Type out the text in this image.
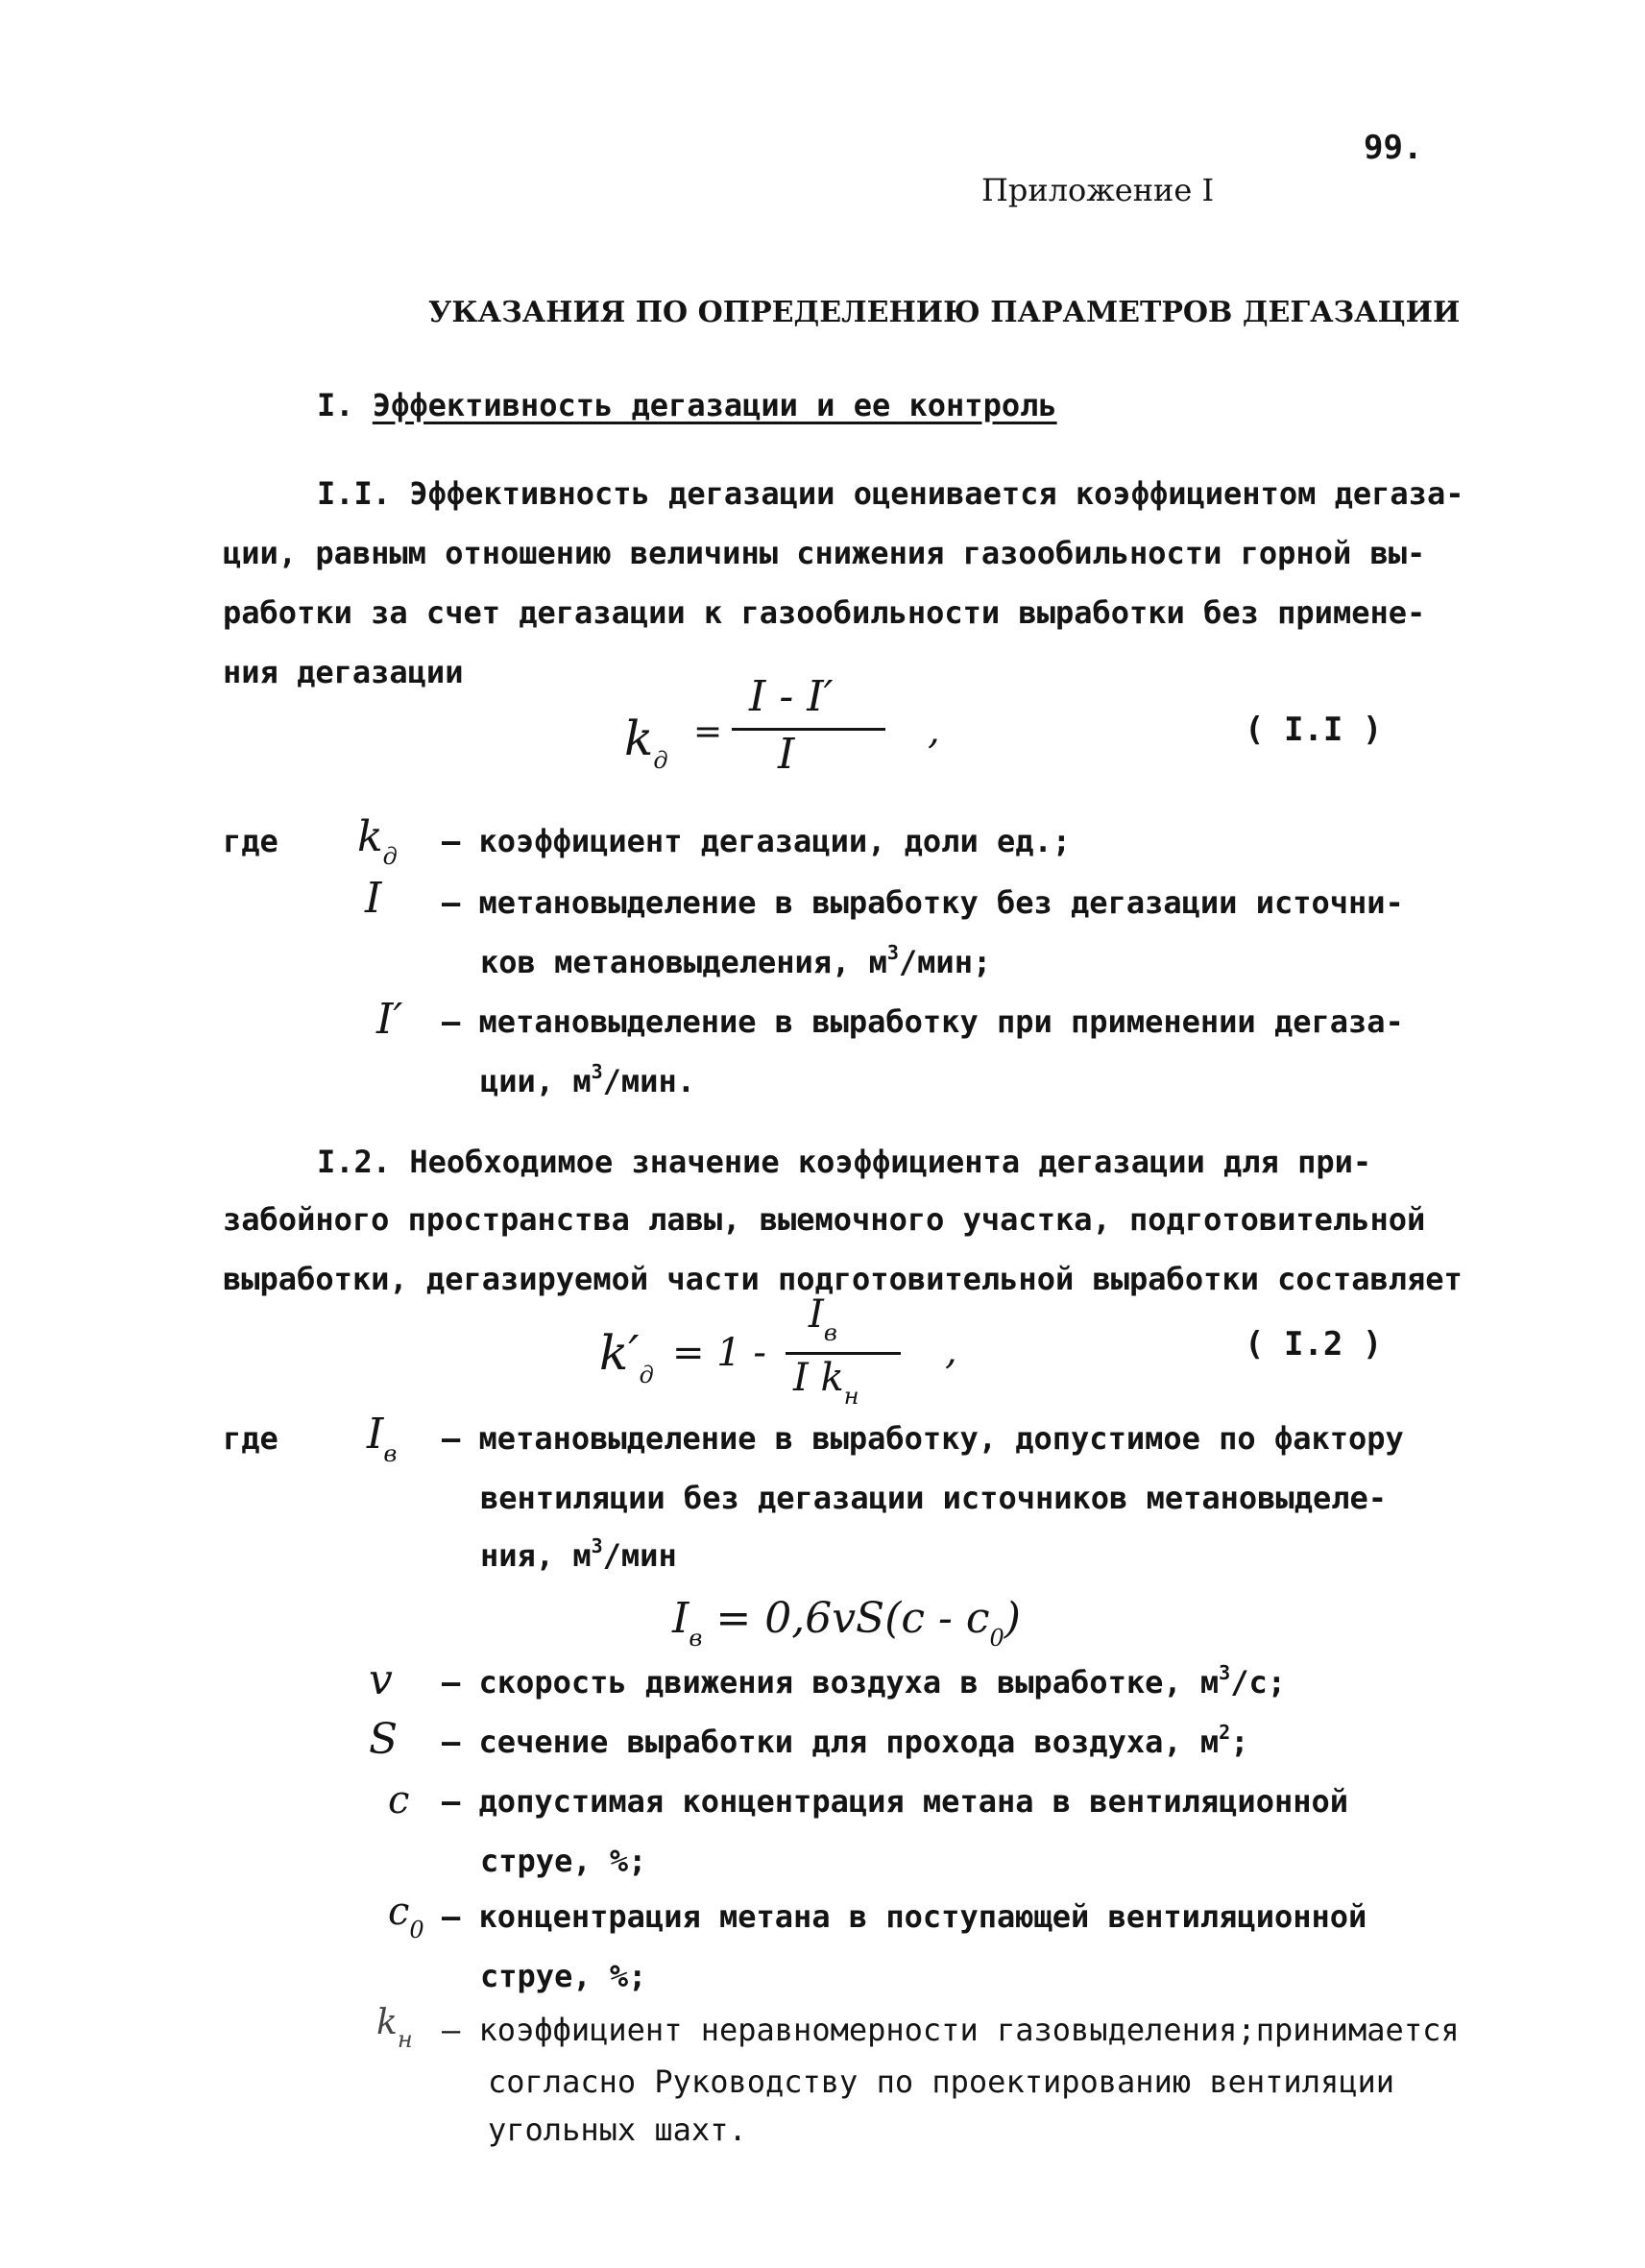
99.
Приложение I
УКАЗАНИЯ ПО ОПРЕДЕЛЕНИЮ ПАРАМЕТРОВ ДЕГАЗАЦИИ
I. Эффективность дегазации и ее контроль
I.I. Эффективность дегазации оценивается коэффициентом дегаза-
ции, равным отношению величины снижения газообильности горной вы-
работки за счет дегазации к газообильности выработки без примене-
ния дегазации
$k_д$
=
I - I′
I	,	( I.I )
где $k_д$ – коэффициент дегазации, доли ед.;
I – метановыделение в выработку без дегазации источни-
ков метановыделения, $м^3$/мин;
I′ – метановыделение в выработку при применении дегаза-
ции, $м^3$/мин.
I.2. Необходимое значение коэффициента дегазации для при-
забойного пространства лавы, выемочного участка, подготовительной
выработки, дегазируемой части подготовительной выработки составляет
$k'_д = 1$ -
$I_в$
I $k_н$
,	( I.2 )
где $I_в$ – метановыделение в выработку, допустимое по фактору
вентиляции без дегазации источников метановыделе-
ния, $м^3$/мин
$I_в = 0,6vS(c - c_0)$
v – скорость движения воздуха в выработке, $м^3/с$;
S – сечение выработки для прохода воздуха, $м^2$;
c – допустимая концентрация метана в вентиляционной
струе, %;
$c_0$ – концентрация метана в поступающей вентиляционной
струе, %;
$k_н$ – коэффициент неравномерности газовыделения;принимается
согласно Руководству по проектированию вентиляции
угольных шахт.
